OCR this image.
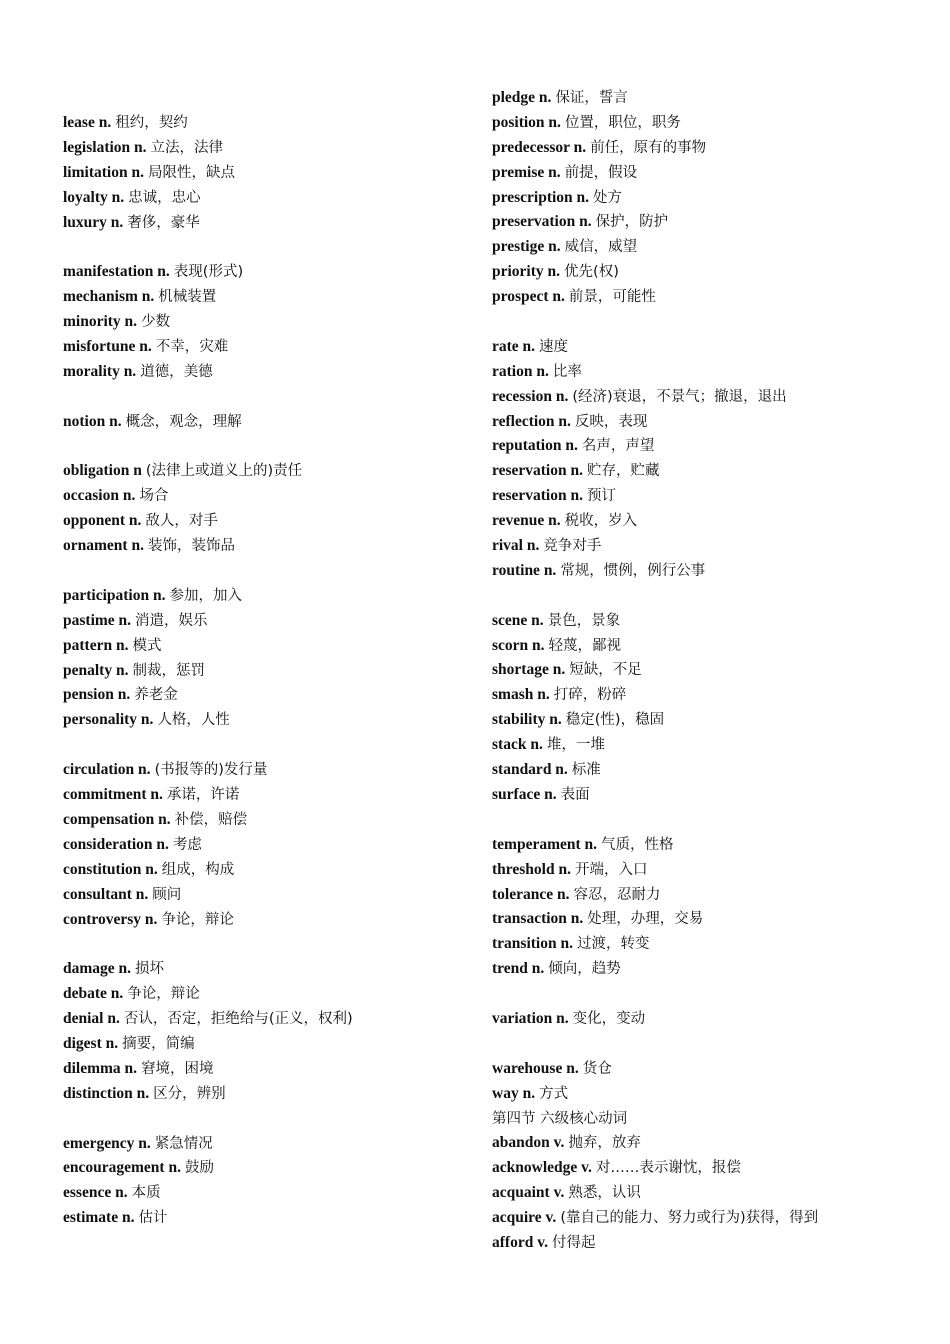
lease n. 租约，契约
legislation n. 立法，法律
limitation n. 局限性，缺点
loyalty n. 忠诚，忠心
luxury n. 奢侈，豪华
manifestation n. 表现(形式)
mechanism n. 机械装置
minority n. 少数
misfortune n. 不幸，灾难
morality n. 道德，美德
notion n. 概念，观念，理解
obligation n (法律上或道义上的)责任
occasion n. 场合
opponent n. 敌人，对手
ornament n. 装饰，装饰品
participation n. 参加，加入
pastime n. 消遣，娱乐
pattern n. 模式
penalty n. 制裁，惩罚
pension n. 养老金
personality n. 人格，人性
circulation n. (书报等的)发行量
commitment n. 承诺，许诺
compensation n. 补偿，赔偿
consideration n. 考虑
constitution n. 组成，构成
consultant n. 顾问
controversy n. 争论，辩论
damage n. 损坏
debate n. 争论，辩论
denial n. 否认，否定，拒绝给与(正义，权利)
digest n. 摘要，简编
dilemma n. 窘境，困境
distinction n. 区分，辨别
emergency n. 紧急情况
encouragement n. 鼓励
essence n. 本质
estimate n. 估计
pledge n. 保证，誓言
position n. 位置，职位，职务
predecessor n. 前任，原有的事物
premise n. 前提，假设
prescription n. 处方
preservation n. 保护，防护
prestige n. 威信，威望
priority n. 优先(权)
prospect n. 前景，可能性
rate n. 速度
ration n. 比率
recession n. (经济)衰退，不景气；撤退，退出
reflection n. 反映，表现
reputation n. 名声，声望
reservation n. 贮存，贮藏
reservation n. 预订
revenue n. 税收，岁入
rival n. 竞争对手
routine n. 常规，惯例，例行公事
scene n. 景色，景象
scorn n. 轻蔑，鄙视
shortage n. 短缺，不足
smash n. 打碎，粉碎
stability n. 稳定(性)，稳固
stack n. 堆，一堆
standard n. 标准
surface n. 表面
temperament n. 气质，性格
threshold n. 开端，入口
tolerance n. 容忍，忍耐力
transaction n. 处理，办理，交易
transition n. 过渡，转变
trend n. 倾向，趋势
variation n. 变化，变动
warehouse n. 货仓
way n. 方式
第四节 六级核心动词
abandon v. 抛弃，放弃
acknowledge v. 对……表示谢忱，报偿
acquaint v. 熟悉，认识
acquire v. (靠自己的能力、努力或行为)获得，得到
afford v. 付得起
